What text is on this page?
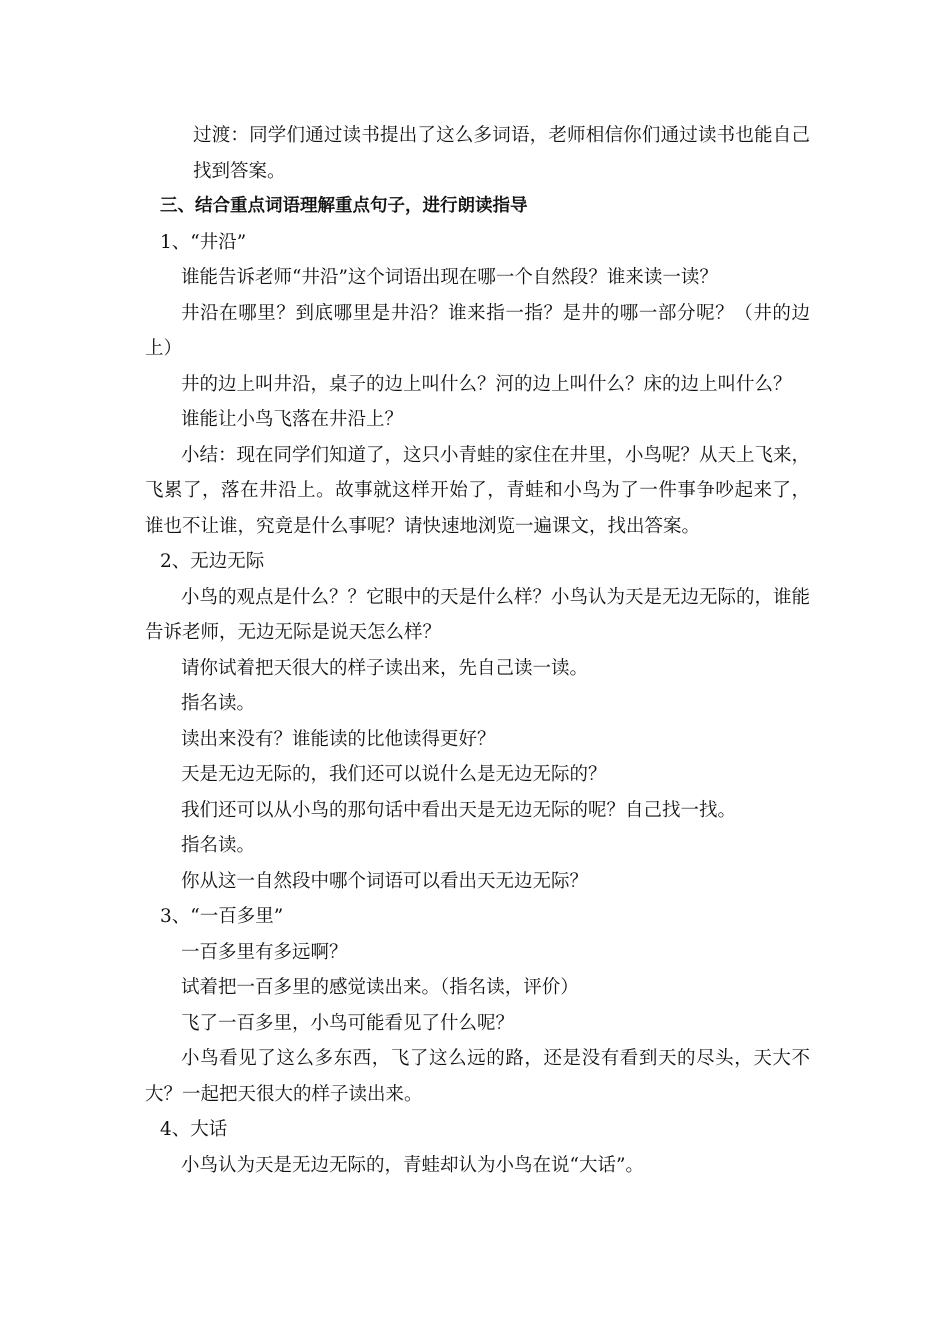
过渡：同学们通过读书提出了这么多词语，老师相信你们通过读书也能自己找到答案。

三、结合重点词语理解重点句子，进行朗读指导

1、“井沿”

谁能告诉老师“井沿”这个词语出现在哪一个自然段？谁来读一读？

井沿在哪里？到底哪里是井沿？谁来指一指？是井的哪一部分呢？（井的边上）

井的边上叫井沿，桌子的边上叫什么？河的边上叫什么？床的边上叫什么？

谁能让小鸟飞落在井沿上？

小结：现在同学们知道了，这只小青蛙的家住在井里，小鸟呢？从天上飞来，飞累了，落在井沿上。故事就这样开始了，青蛙和小鸟为了一件事争吵起来了，谁也不让谁，究竟是什么事呢？请快速地浏览一遍课文，找出答案。

2、无边无际

小鸟的观点是什么？？它眼中的天是什么样？小鸟认为天是无边无际的，谁能告诉老师，无边无际是说天怎么样？

请你试着把天很大的样子读出来，先自己读一读。

指名读。

读出来没有？谁能读的比他读得更好？

天是无边无际的，我们还可以说什么是无边无际的？

我们还可以从小鸟的那句话中看出天是无边无际的呢？自己找一找。

指名读。

你从这一自然段中哪个词语可以看出天无边无际？

3、“一百多里”

一百多里有多远啊？

试着把一百多里的感觉读出来。（指名读，评价）

飞了一百多里，小鸟可能看见了什么呢？

小鸟看见了这么多东西，飞了这么远的路，还是没有看到天的尽头，天大不大？一起把天很大的样子读出来。

4、大话

小鸟认为天是无边无际的，青蛙却认为小鸟在说“大话”。
